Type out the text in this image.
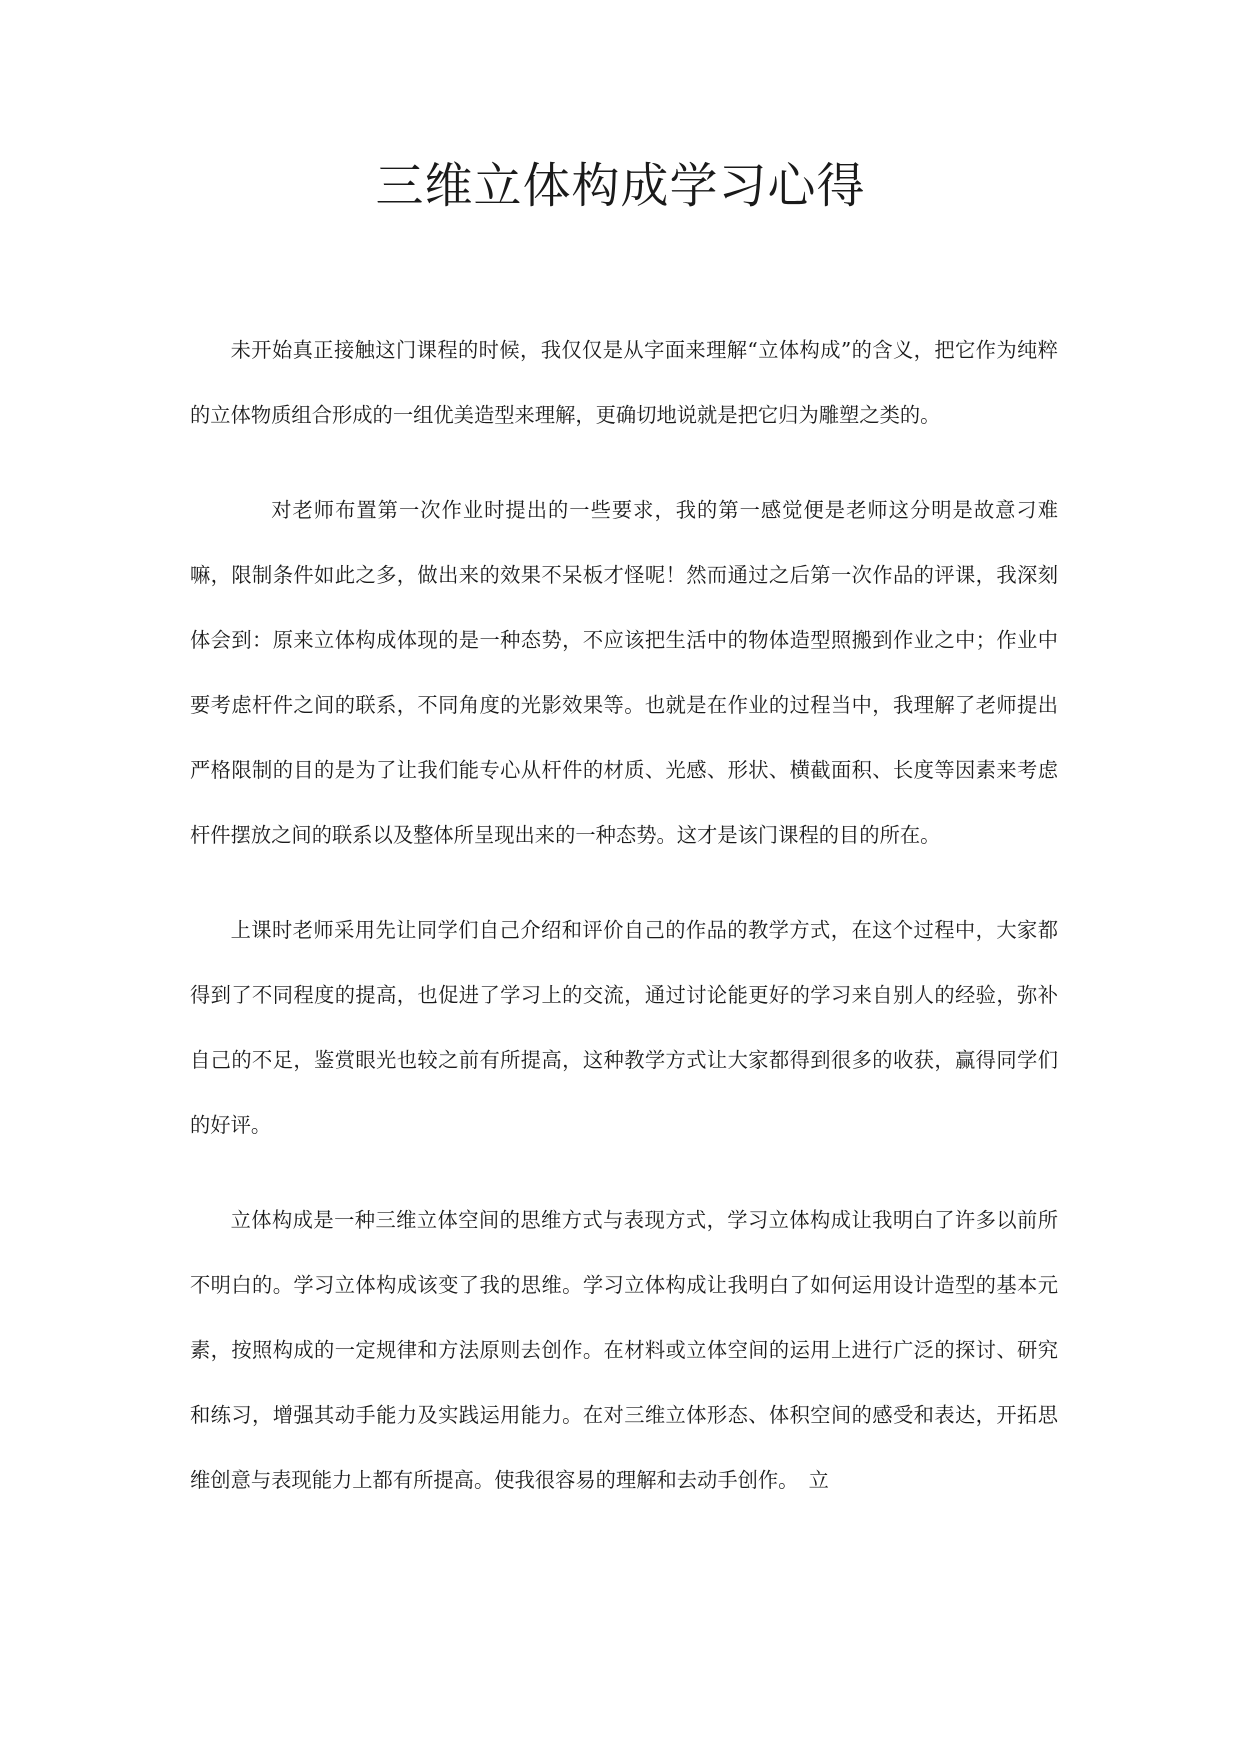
三维立体构成学习心得

未开始真正接触这门课程的时候，我仅仅是从字面来理解“立体构成”的含义，把它作为纯粹的立体物质组合形成的一组优美造型来理解，更确切地说就是把它归为雕塑之类的。

对老师布置第一次作业时提出的一些要求，我的第一感觉便是老师这分明是故意刁难嘛，限制条件如此之多，做出来的效果不呆板才怪呢！然而通过之后第一次作品的评课，我深刻体会到：原来立体构成体现的是一种态势，不应该把生活中的物体造型照搬到作业之中；作业中要考虑杆件之间的联系，不同角度的光影效果等。也就是在作业的过程当中，我理解了老师提出严格限制的目的是为了让我们能专心从杆件的材质、光感、形状、横截面积、长度等因素来考虑杆件摆放之间的联系以及整体所呈现出来的一种态势。这才是该门课程的目的所在。

上课时老师采用先让同学们自己介绍和评价自己的作品的教学方式，在这个过程中，大家都得到了不同程度的提高，也促进了学习上的交流，通过讨论能更好的学习来自别人的经验，弥补自己的不足，鉴赏眼光也较之前有所提高，这种教学方式让大家都得到很多的收获，赢得同学们的好评。

立体构成是一种三维立体空间的思维方式与表现方式，学习立体构成让我明白了许多以前所不明白的。学习立体构成该变了我的思维。学习立体构成让我明白了如何运用设计造型的基本元素，按照构成的一定规律和方法原则去创作。在材料或立体空间的运用上进行广泛的探讨、研究和练习，增强其动手能力及实践运用能力。在对三维立体形态、体积空间的感受和表达，开拓思维创意与表现能力上都有所提高。使我很容易的理解和去动手创作。　立
